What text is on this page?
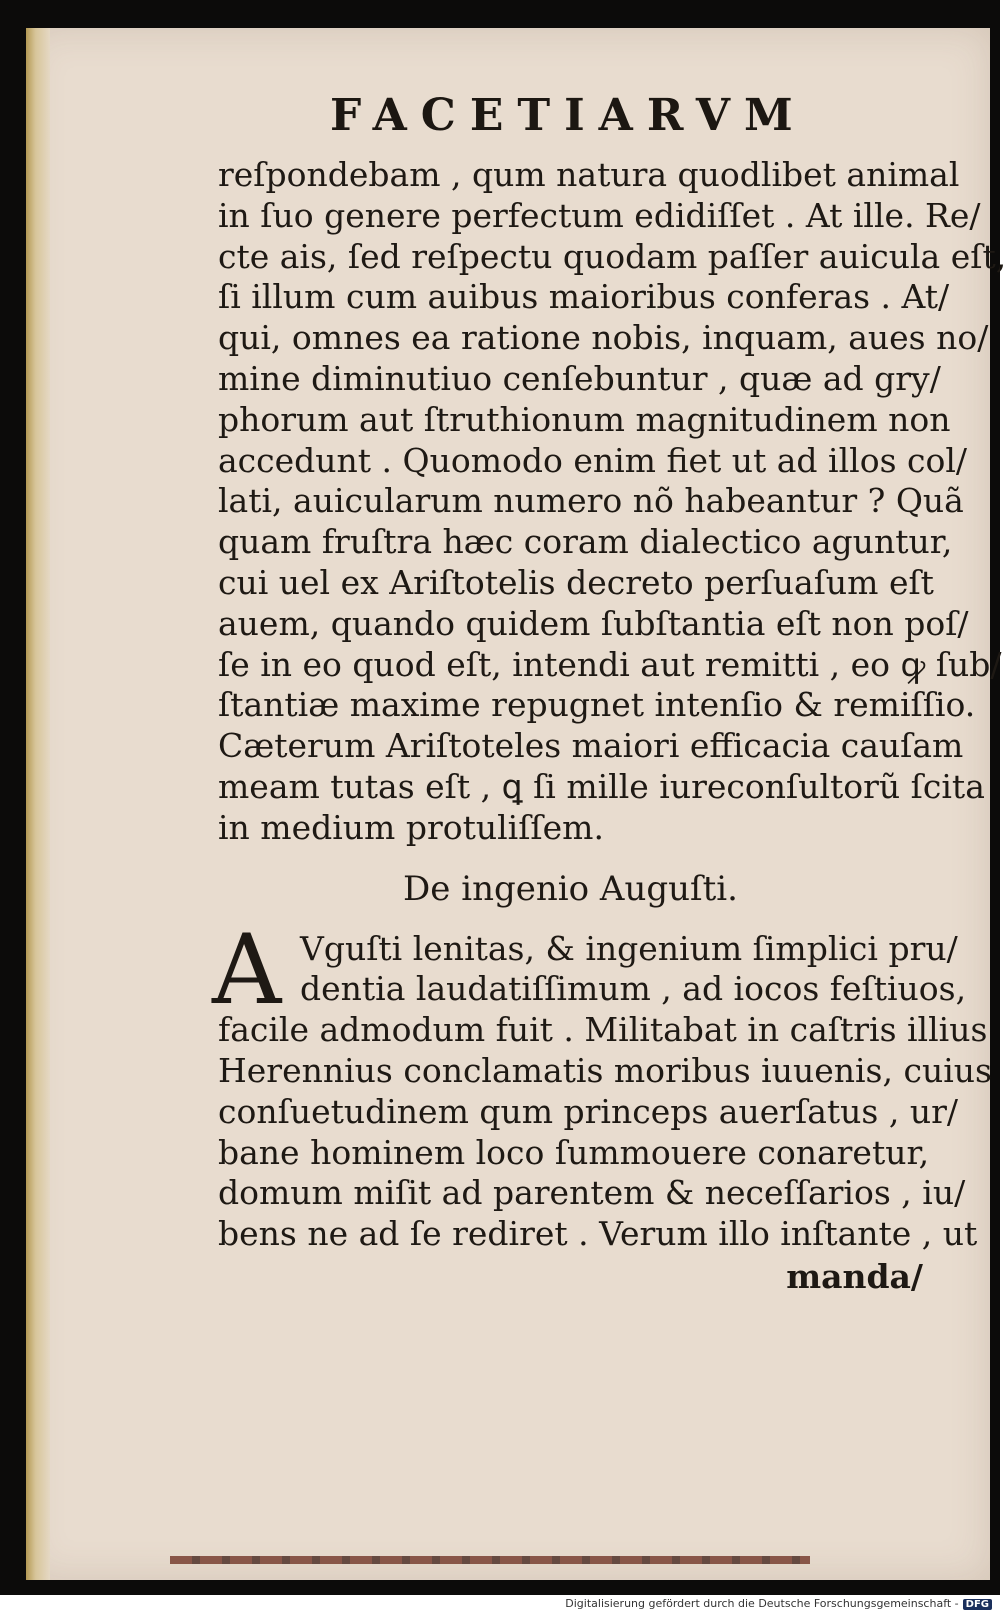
FACETIARVM
reſpondebam , qum natura quodlibet animal
in ſuo genere perfectum edidiſſet . At ille. Re/
cte ais, ſed reſpectu quodam paſſer auicula eſt,
ſi illum cum auibus maioribus conferas . At/
qui, omnes ea ratione nobis, inquam, aues no/
mine diminutiuo cenſebuntur , quæ ad gry/
phorum aut ſtruthionum magnitudinem non
accedunt . Quomodo enim fiet ut ad illos col/
lati, auicularum numero nõ habeantur ? Quã
quam fruſtra hæc coram dialectico aguntur,
cui uel ex Ariſtotelis decreto perſuaſum eſt
auem, quando quidem ſubſtantia eſt non poſ/
ſe in eo quod eſt, intendi aut remitti , eo ꝙ ſub/
ſtantiæ maxime repugnet intenſio & remiſſio.
Cæterum Ariſtoteles maiori efficacia cauſam
meam tutas eſt , ꝗ ſi mille iureconſultorũ ſcita
in medium protuliſſem.
De ingenio Auguſti.
A Vguſti lenitas, & ingenium ſimplici pru/
dentia laudatiſſimum , ad iocos feſtiuos,
facile admodum fuit . Militabat in caſtris illius
Herennius conclamatis moribus iuuenis, cuius
conſuetudinem qum princeps auerſatus , ur/
bane hominem loco ſummouere conaretur,
domum miſit ad parentem & neceſſarios , iu/
bens ne ad ſe rediret . Verum illo inſtante , ut
manda/
Digitalisierung gefördert durch die Deutsche Forschungsgemeinschaft - DFG
